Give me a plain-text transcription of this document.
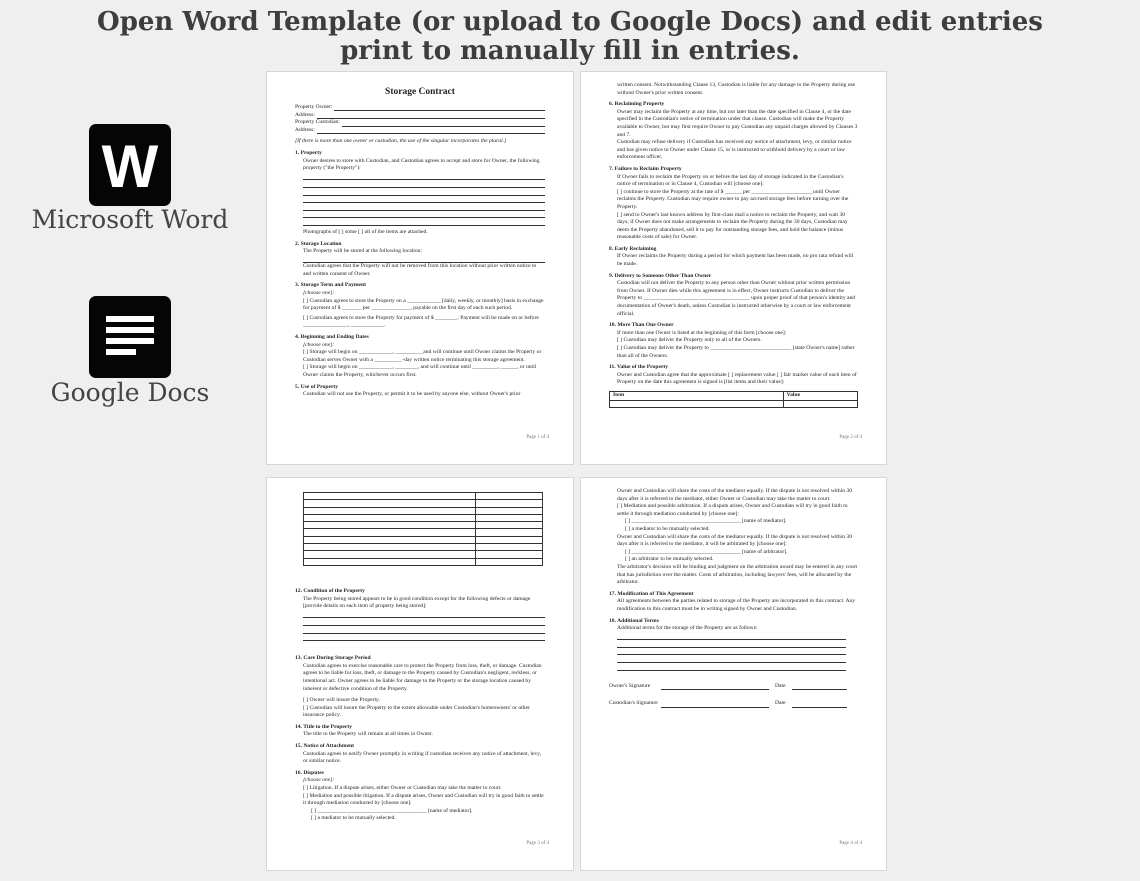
Open Word Template (or upload to Google Docs) and edit entries
print to manually fill in entries.
W
Microsoft Word
Google Docs
Storage Contract
Property Owner:
Address:
Property Custodian:
Address:
[If there is more than one owner or custodian, the use of the singular incorporates the plural.]
1. Property
Owner desires to store with Custodian, and Custodian agrees to accept and store for Owner, the following property ("the Property"):
Photographs of [ ] some [ ] all of the items are attached.
2. Storage Location
The Property will be stored at the following location:
Custodian agrees that the Property will not be removed from this location without prior written notice to and written consent of Owner.
3. Storage Term and Payment
[choose one]:
[ ] Custodian agrees to store the Property on a ____________ [daily, weekly, or monthly] basis in exchange for payment of $ _______ per ______________, payable on the first day of each such period.
[ ] Custodian agrees to store the Property for payment of $ ________. Payment will be made on or before ________________, ____________.
4. Beginning and Ending Dates
[choose one]:
[ ] Storage will begin on ____________, __________and will continue until Owner claims the Property or Custodian serves Owner with a __________-day written notice terminating this storage agreement.
[ ] Storage will begin on ____________, ________, and will continue until _________, ______, or until Owner claims the Property, whichever occurs first.
5. Use of Property
Custodian will not use the Property, or permit it to be used by anyone else, without Owner's prior
Page 1 of 4
written consent. Notwithstanding Clause 13, Custodian is liable for any damage to the Property during use without Owner's prior written consent.
6. Reclaiming Property
Owner may reclaim the Property at any time, but not later than the date specified in Clause 4, or the date specified in the Custodian's notice of termination under that clause. Custodian will make the Property available to Owner, but may first require Owner to pay Custodian any unpaid charges allowed by Clauses 3 and 7.
Custodian may refuse delivery if Custodian has received any notice of attachment, levy, or similar notice and has given notice to Owner under Clause 15, or is instructed to withhold delivery by a court or law enforcement officer.
7. Failure to Reclaim Property
If Owner fails to reclaim the Property on or before the last day of storage indicated in the Custodian's notice of termination or in Clause 4, Custodian will [choose one]:
[ ] continue to store the Property at the rate of $ ______ per ______________________until Owner reclaims the Property. Custodian may require owner to pay accrued storage fees before turning over the Property.
[ ] send to Owner's last known address by first-class mail a notice to reclaim the Property, and wait 30 days; if Owner does not make arrangements to reclaim the Property during the 30 days, Custodian may deem the Property abandoned, sell it to pay for outstanding storage fees, and hold the balance (minus reasonable costs of sale) for Owner.
8. Early Reclaiming
If Owner reclaims the Property during a period for which payment has been made, no pro rata refund will be made.
9. Delivery to Someone Other Than Owner
Custodian will not deliver the Property to any person other than Owner without prior written permission from Owner. If Owner dies while this agreement is in effect, Owner instructs Custodian to deliver the Property to ______________________________________ upon proper proof of that person's identity and documentation of Owner's death, unless Custodian is instructed otherwise by a court or law enforcement official.
10. More Than One Owner
If more than one Owner is listed at the beginning of this form [choose one]:
[ ] Custodian may deliver the Property only to all of the Owners.
[ ] Custodian may deliver the Property to _____________________________ [state Owner's name] rather than all of the Owners.
11. Value of the Property
Owner and Custodian agree that the approximate [ ] replacement value [ ] fair market value of each item of Property on the date this agreement is signed is [list items and their value]:
Item	Value

Page 2 of 4

12. Condition of the Property
The Property being stored appears to be in good condition except for the following defects or damage [provide details on each item of property being stored]:
13. Care During Storage Period
Custodian agrees to exercise reasonable care to protect the Property from loss, theft, or damage. Custodian agrees to be liable for loss, theft, or damage to the Property caused by Custodian's negligent, reckless, or intentional act. Owner agrees to be liable for damage to the Property or the storage location caused by inherent or defective condition of the Property.
[ ] Owner will insure the Property.
[ ] Custodian will insure the Property to the extent allowable under Custodian's homeowners' or other insurance policy.
14. Title to the Property
The title to the Property will remain at all times in Owner.
15. Notice of Attachment
Custodian agrees to notify Owner promptly in writing if custodian receives any notice of attachment, levy, or similar notice.
16. Disputes
[choose one]:
[ ] Litigation. If a dispute arises, either Owner or Custodian may take the matter to court.
[ ] Mediation and possible litigation. If a dispute arises, Owner and Custodian will try in good faith to settle it through mediation conducted by [choose one]:
[ ] _______________________________________ [name of mediator].
[ ] a mediator to be mutually selected.
Page 3 of 4
Owner and Custodian will share the costs of the mediator equally. If the dispute is not resolved within 30 days after it is referred to the mediator, either Owner or Custodian may take the matter to court.
[ ] Mediation and possible arbitration. If a dispute arises, Owner and Custodian will try in good faith to settle it through mediation conducted by [choose one]:
[ ] _______________________________________ [name of mediator].
[ ] a mediator to be mutually selected.
Owner and Custodian will share the costs of the mediator equally. If the dispute is not resolved within 30 days after it is referred to the mediator, it will be arbitrated by [choose one]:
[ ] _______________________________________ [name of arbitrator].
[ ] an arbitrator to be mutually selected.
The arbitrator's decision will be binding and judgment on the arbitration award may be entered in any court that has jurisdiction over the matter. Costs of arbitration, including lawyers' fees, will be allocated by the arbitrator.
17. Modification of This Agreement
All agreements between the parties related to storage of the Property are incorporated in this contract. Any modification to this contract must be in writing signed by Owner and Custodian.
18. Additional Terms
Additional terms for the storage of the Property are as follows:
Owner's Signature	Date
Custodian's Signature	Date
Page 4 of 4
